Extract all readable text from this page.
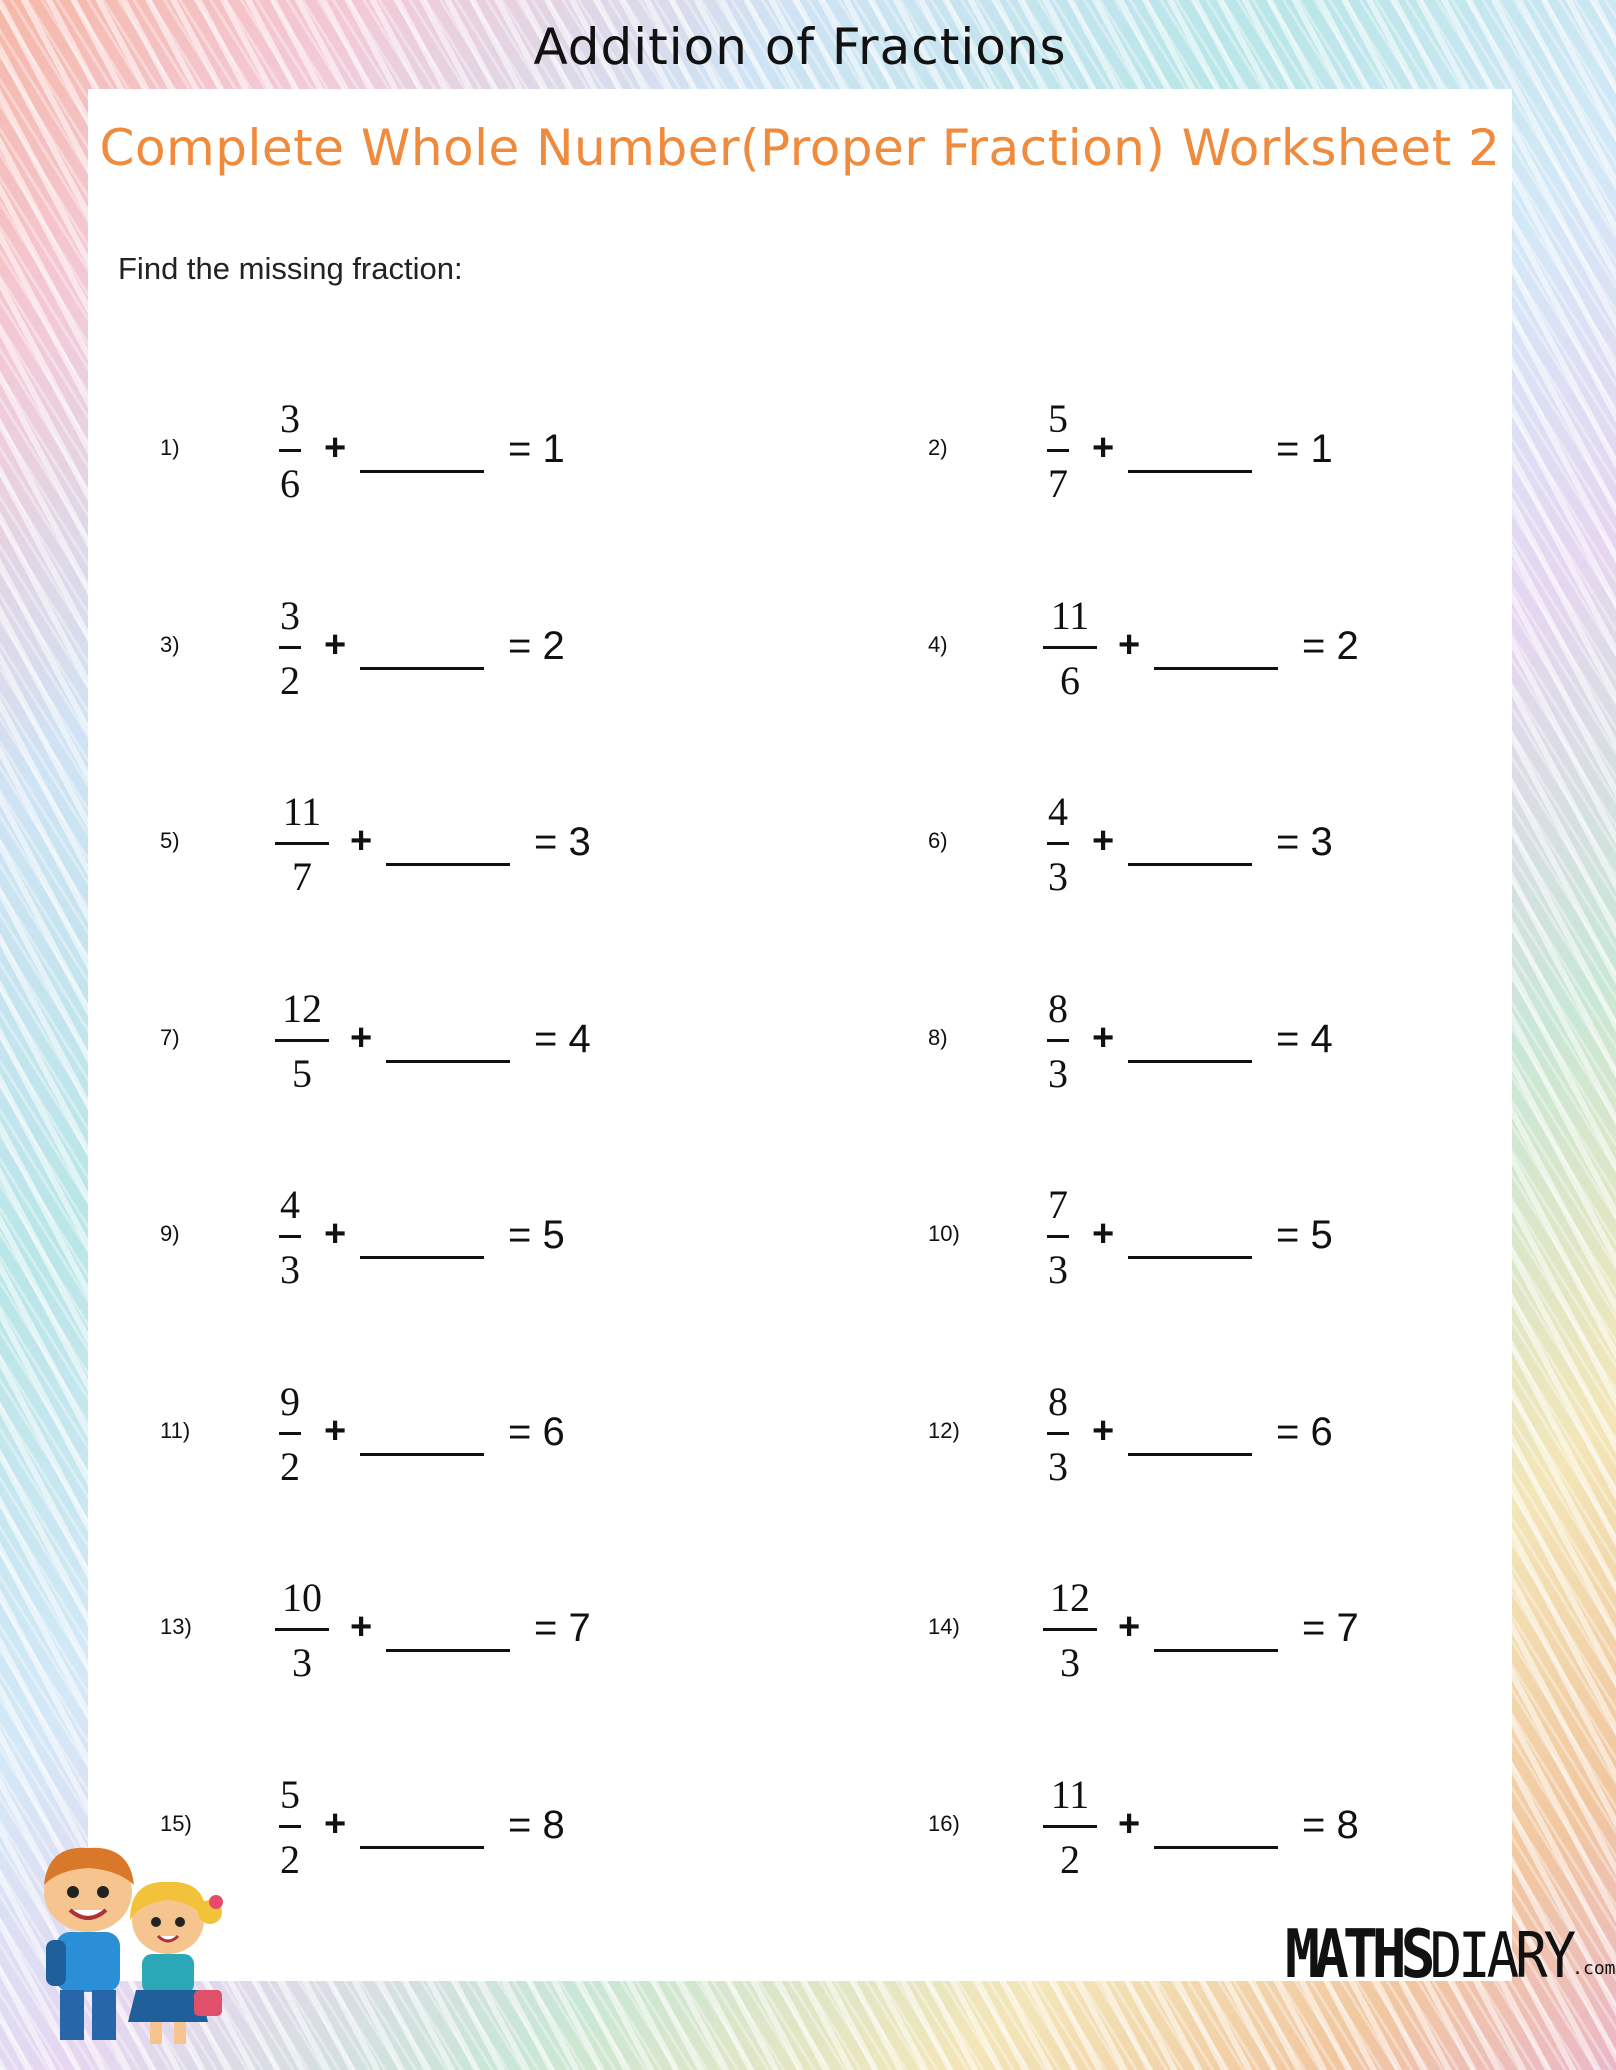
Addition of Fractions
Complete Whole Number(Proper Fraction) Worksheet 2
Find the missing fraction:
1)
3
6
+	= 1	2)
5
7
+	= 1
3)
3
2
+	= 2	4)
11
6
+	= 2
5)
11
7
+	= 3	6)
4
3
+	= 3
7)
12
5
+	= 4	8)
8
3
+	= 4
9)
4
3
+	= 5	10)
7
3
+	= 5
11)
9
2
+	= 6	12)
8
3
+	= 6
13)
10
3
+	= 7	14)
12
3
+	= 7
15)
5
2
+	= 8	16)
11
2
+	= 8
MATHSDIARY.com
